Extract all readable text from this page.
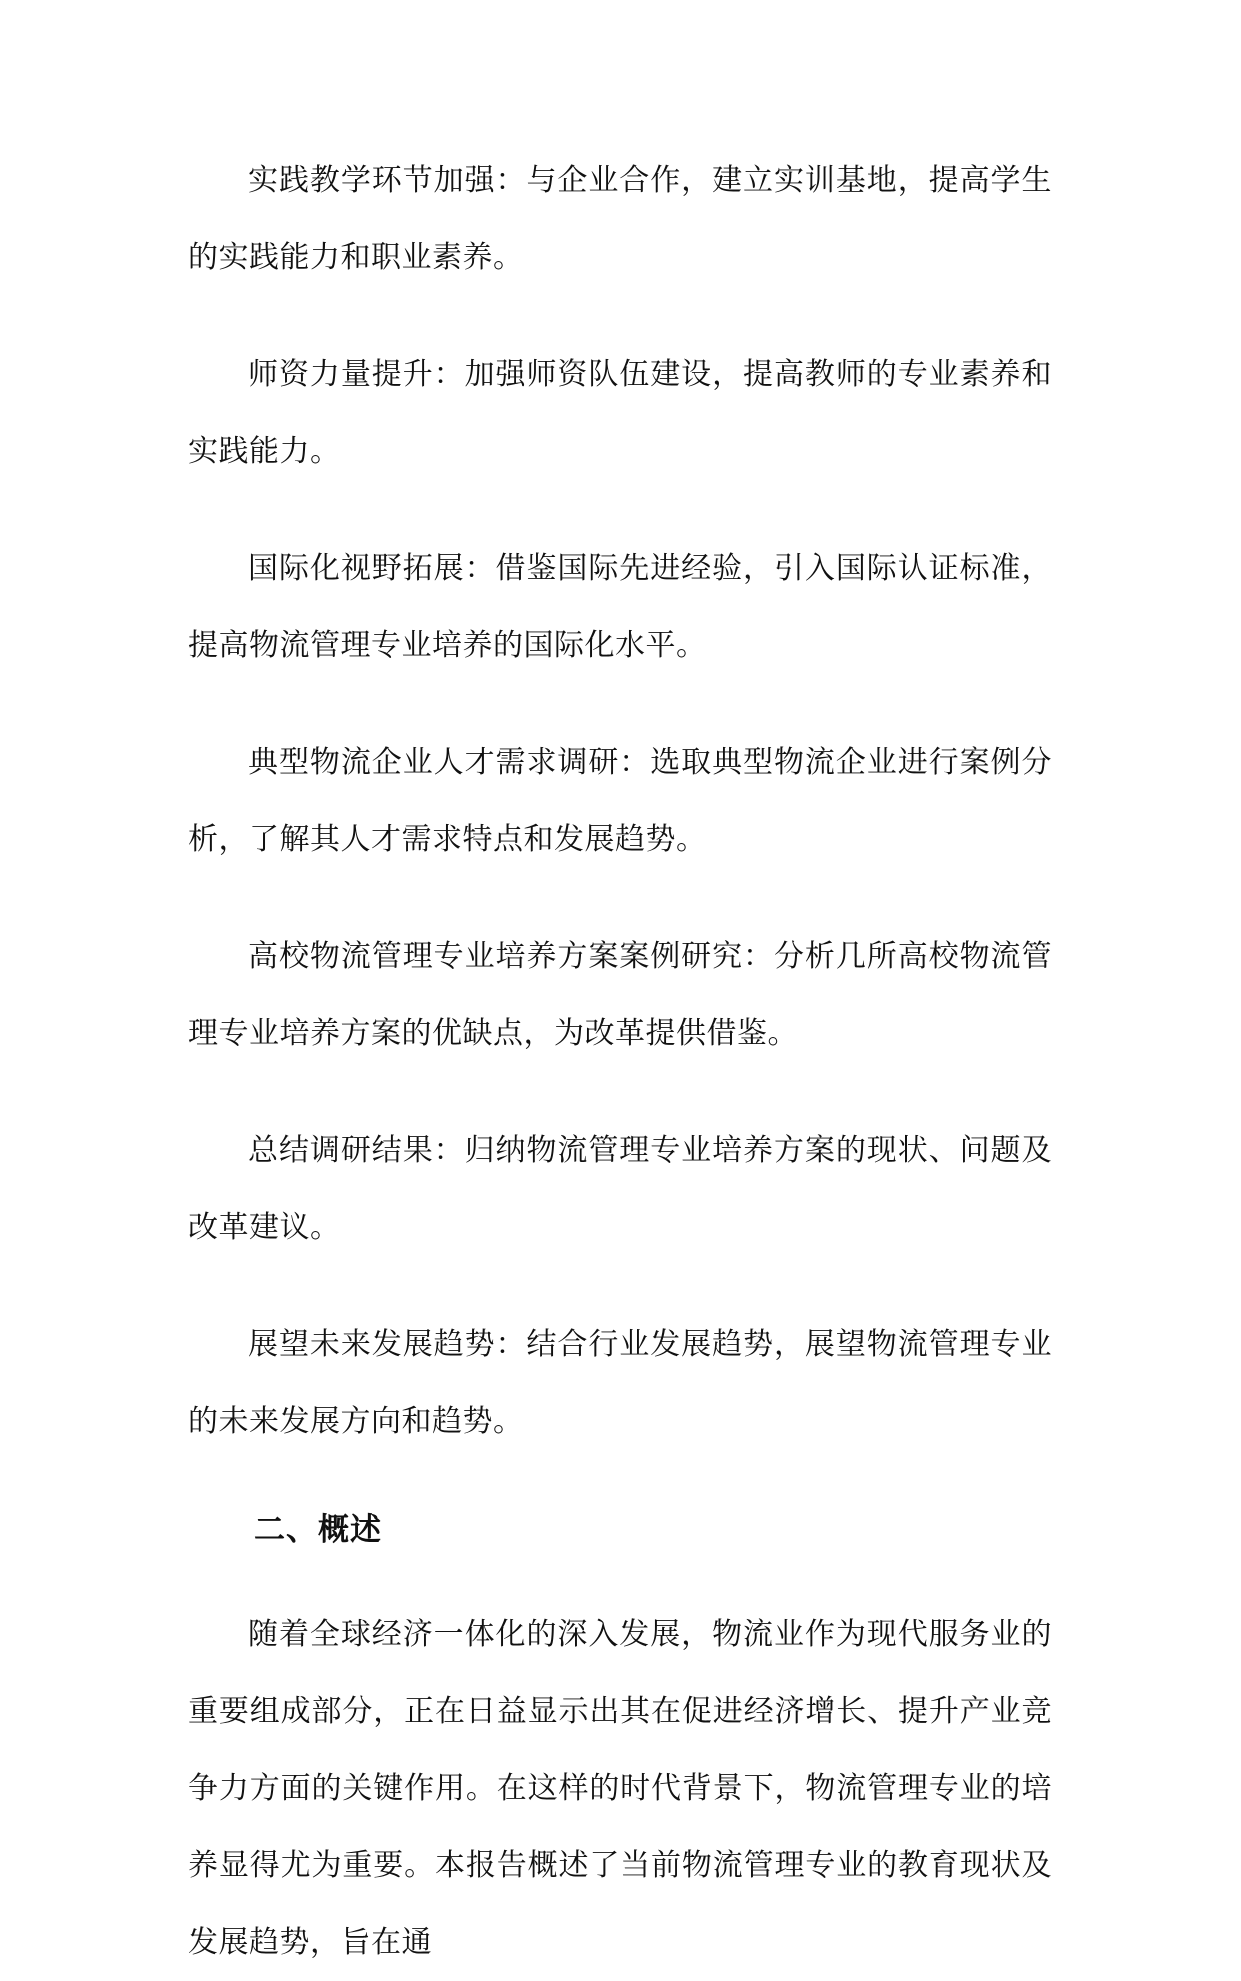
实践教学环节加强：与企业合作，建立实训基地，提高学生的实践能力和职业素养。

师资力量提升：加强师资队伍建设，提高教师的专业素养和实践能力。

国际化视野拓展：借鉴国际先进经验，引入国际认证标准，提高物流管理专业培养的国际化水平。

典型物流企业人才需求调研：选取典型物流企业进行案例分析，了解其人才需求特点和发展趋势。

高校物流管理专业培养方案案例研究：分析几所高校物流管理专业培养方案的优缺点，为改革提供借鉴。

总结调研结果：归纳物流管理专业培养方案的现状、问题及改革建议。

展望未来发展趋势：结合行业发展趋势，展望物流管理专业的未来发展方向和趋势。

二、概述

随着全球经济一体化的深入发展，物流业作为现代服务业的重要组成部分，正在日益显示出其在促进经济增长、提升产业竞争力方面的关键作用。在这样的时代背景下，物流管理专业的培养显得尤为重要。本报告概述了当前物流管理专业的教育现状及发展趋势，旨在通
